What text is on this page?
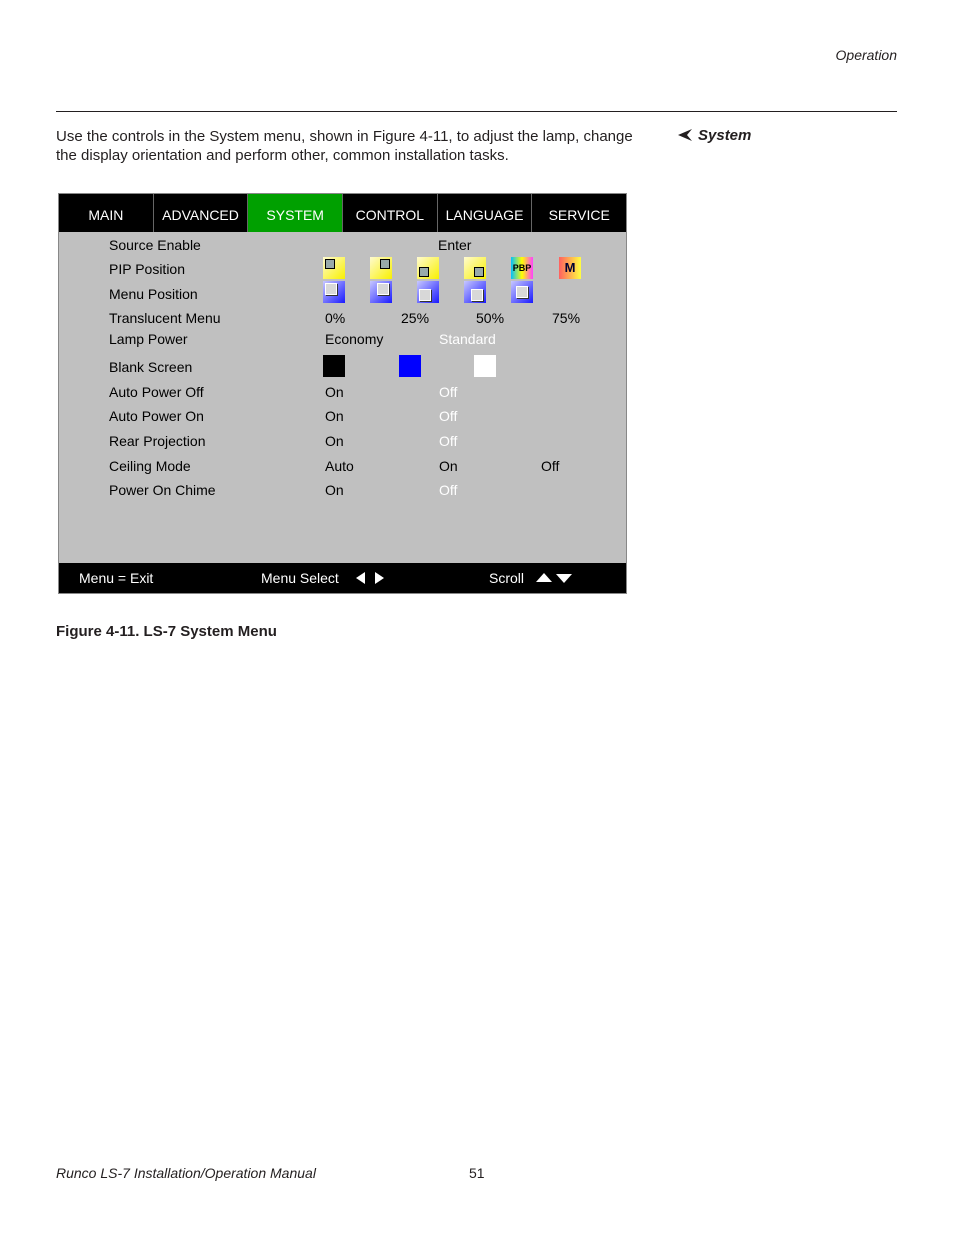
Operation
Use the controls in the System menu, shown in Figure 4-11, to adjust the lamp, change the display orientation and perform other, common installation tasks.
System
MAIN	ADVANCED	SYSTEM	CONTROL	LANGUAGE	SERVICE
Source Enable	Enter
PIP Position	PBP	M
Menu Position
Translucent Menu	0%	25%	50%	75%
Lamp Power	Economy	Standard
Blank Screen
Auto Power Off	On	Off
Auto Power On	On	Off
Rear Projection	On	Off
Ceiling Mode	Auto	On	Off
Power On Chime	On	Off
Menu = Exit	Menu Select	Scroll
Figure 4-11. LS-7 System Menu
Runco LS-7 Installation/Operation Manual	51
